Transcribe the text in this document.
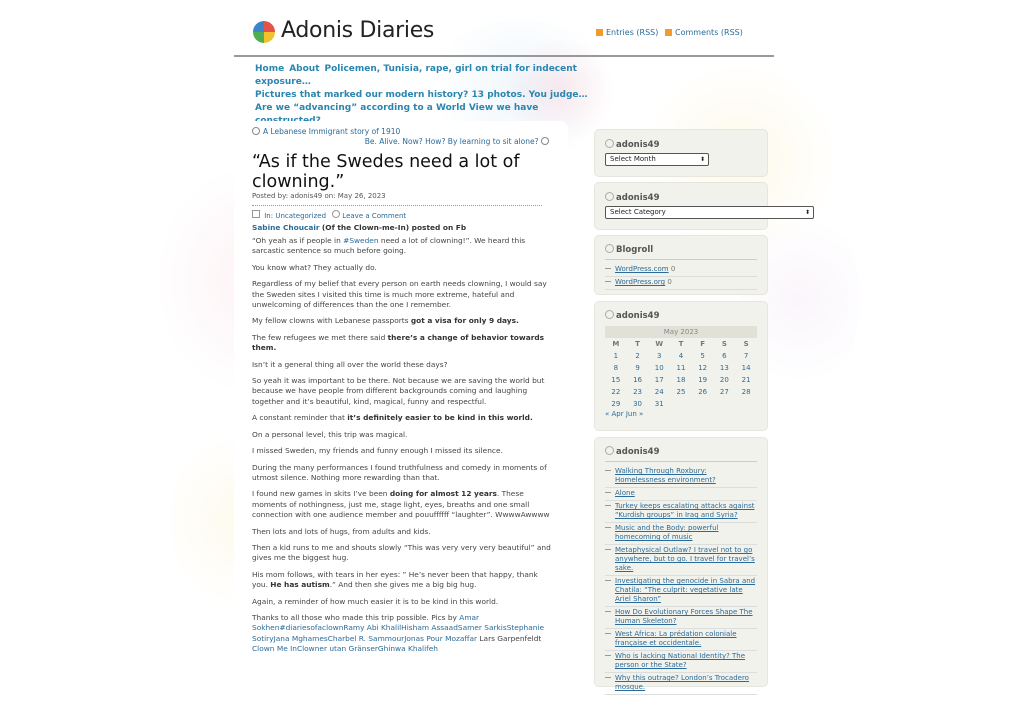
Adonis Diaries	Entries (RSS)	Comments (RSS)
Home About Policemen, Tunisia, rape, girl on trial for indecent exposure…
Pictures that marked our modern history? 13 photos. You judge…
Are we “advancing” according to a World View we have
A Lebanese Immigrant story of 1910
Be. Alive. Now? How? By learning to sit alone?
“As if the Swedes need a lot of clowning.”
Posted by: adonis49 on: May 26, 2023
In: Uncategorized Leave a Comment
Sabine Choucair (Of the Clown-me-In) posted on Fb

“Oh yeah as if people in #Sweden need a lot of clowning!”. We heard this sarcastic sentence so much before going.

You know what? They actually do.

Regardless of my belief that every person on earth needs clowning, I would say the Sweden sites I visited this time is much more extreme, hateful and unwelcoming of differences than the one I remember.

My fellow clowns with Lebanese passports got a visa for only 9 days.

The few refugees we met there said there’s a change of behavior towards them.

Isn’t it a general thing all over the world these days?

So yeah it was important to be there. Not because we are saving the world but because we have people from different backgrounds coming and laughing together and it’s beautiful, kind, magical, funny and respectful.

A constant reminder that it’s definitely easier to be kind in this world.

On a personal level, this trip was magical.

I missed Sweden, my friends and funny enough I missed its silence.

During the many performances I found truthfulness and comedy in moments of utmost silence. Nothing more rewarding than that.

I found new games in skits I’ve been doing for almost 12 years. These moments of nothingness, just me, stage light, eyes, breaths and one small connection with one audience member and pouuffffff “laughter”. WwwwAwwww

Then lots and lots of hugs, from adults and kids.

Then a kid runs to me and shouts slowly “This was very very very beautiful” and gives me the biggest hug.

His mom follows, with tears in her eyes: ” He’s never been that happy, thank you. He has autism.” And then she gives me a big big hug.

Again, a reminder of how much easier it is to be kind in this world.

Thanks to all those who made this trip possible. Pics by Amar Sokhen#diariesofaclownRamy Abi KhalilHisham AssaadSamer SarkisStephanie SotiryJana MghamesCharbel R. SammourJonas Pour Mozaffar Lars Garpenfeldt Clown Me InClowner utan GränserGhinwa Khalifeh

adonis49
Select Month	⬍
adonis49
Select Category	⬍
Blogroll
WordPress.com 0
WordPress.org 0
adonis49
May 2023
M	T	W	T	F	S	S
1	2	3	4	5	6	7
8	9	10	11	12	13	14
15	16	17	18	19	20	21
22	23	24	25	26	27	28
29	30	31				
« Apr Jun »
adonis49
Walking Through Roxbury: Homelessness environment?
Alone
Turkey keeps escalating attacks against “Kurdish groups” in Iraq and Syria?
Music and the Body: powerful homecoming of music
Metaphysical Outlaw? I travel not to go anywhere, but to go. I travel for travel’s sake.
Investigating the genocide in Sabra and Chatila: “The culprit: vegetative late Ariel Sharon”
How Do Evolutionary Forces Shape The Human Skeleton?
West Africa: La prédation coloniale française et occidentale.
Who is lacking National Identity? The person or the State?
Why this outrage? London’s Trocadero mosque.
